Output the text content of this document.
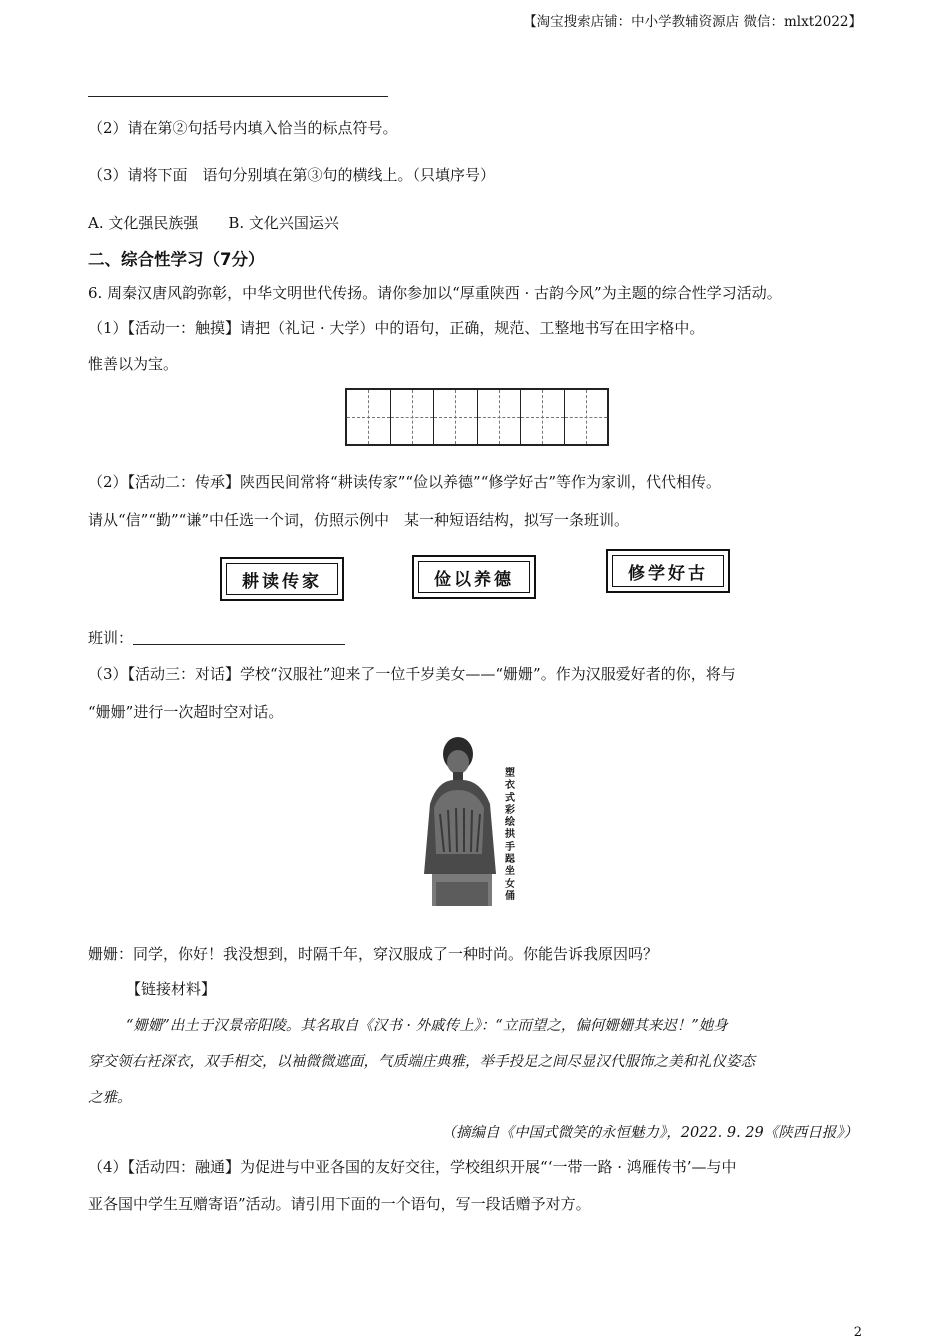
【淘宝搜索店铺：中小学教辅资源店 微信：mlxt2022】
（2）请在第②句括号内填入恰当的标点符号。
（3）请将下面　语句分别填在第③句的横线上。（只填序号）
A. 文化强民族强　　B. 文化兴国运兴
二、综合性学习（7分）
6. 周秦汉唐风韵弥彰，中华文明世代传扬。请你参加以“厚重陕西 · 古韵今风”为主题的综合性学习活动。
（1）【活动一：触摸】请把（礼记 · 大学）中的语句，正确，规范、工整地书写在田字格中。
惟善以为宝。
（2）【活动二：传承】陕西民间常将“耕读传家”“俭以养德”“修学好古”等作为家训，代代相传。
请从“信”“勤”“谦”中任选一个词，仿照示例中　某一种短语结构，拟写一条班训。
耕读传家	俭以养德	修学好古
班训：
（3）【活动三：对话】学校“汉服社”迎来了一位千岁美女——“姗姗”。作为汉服爱好者的你，将与
“姗姗”进行一次超时空对话。
塑衣式彩绘拱手跽坐女俑
姗姗：同学，你好！我没想到，时隔千年，穿汉服成了一种时尚。你能告诉我原因吗？
【链接材料】
“姗姗”出土于汉景帝阳陵。其名取自《汉书 · 外戚传上》：“立而望之，偏何姗姗其来迟！”她身
穿交领右衽深衣，双手相交，以袖微微遮面，气质端庄典雅，举手投足之间尽显汉代服饰之美和礼仪姿态
之雅。
（摘编自《中国式微笑的永恒魅力》，2022. 9. 29《陕西日报》）
（4）【活动四：融通】为促进与中亚各国的友好交往，学校组织开展“‘一带一路 · 鸿雁传书’—与中
亚各国中学生互赠寄语”活动。请引用下面的一个语句，写一段话赠予对方。
2
